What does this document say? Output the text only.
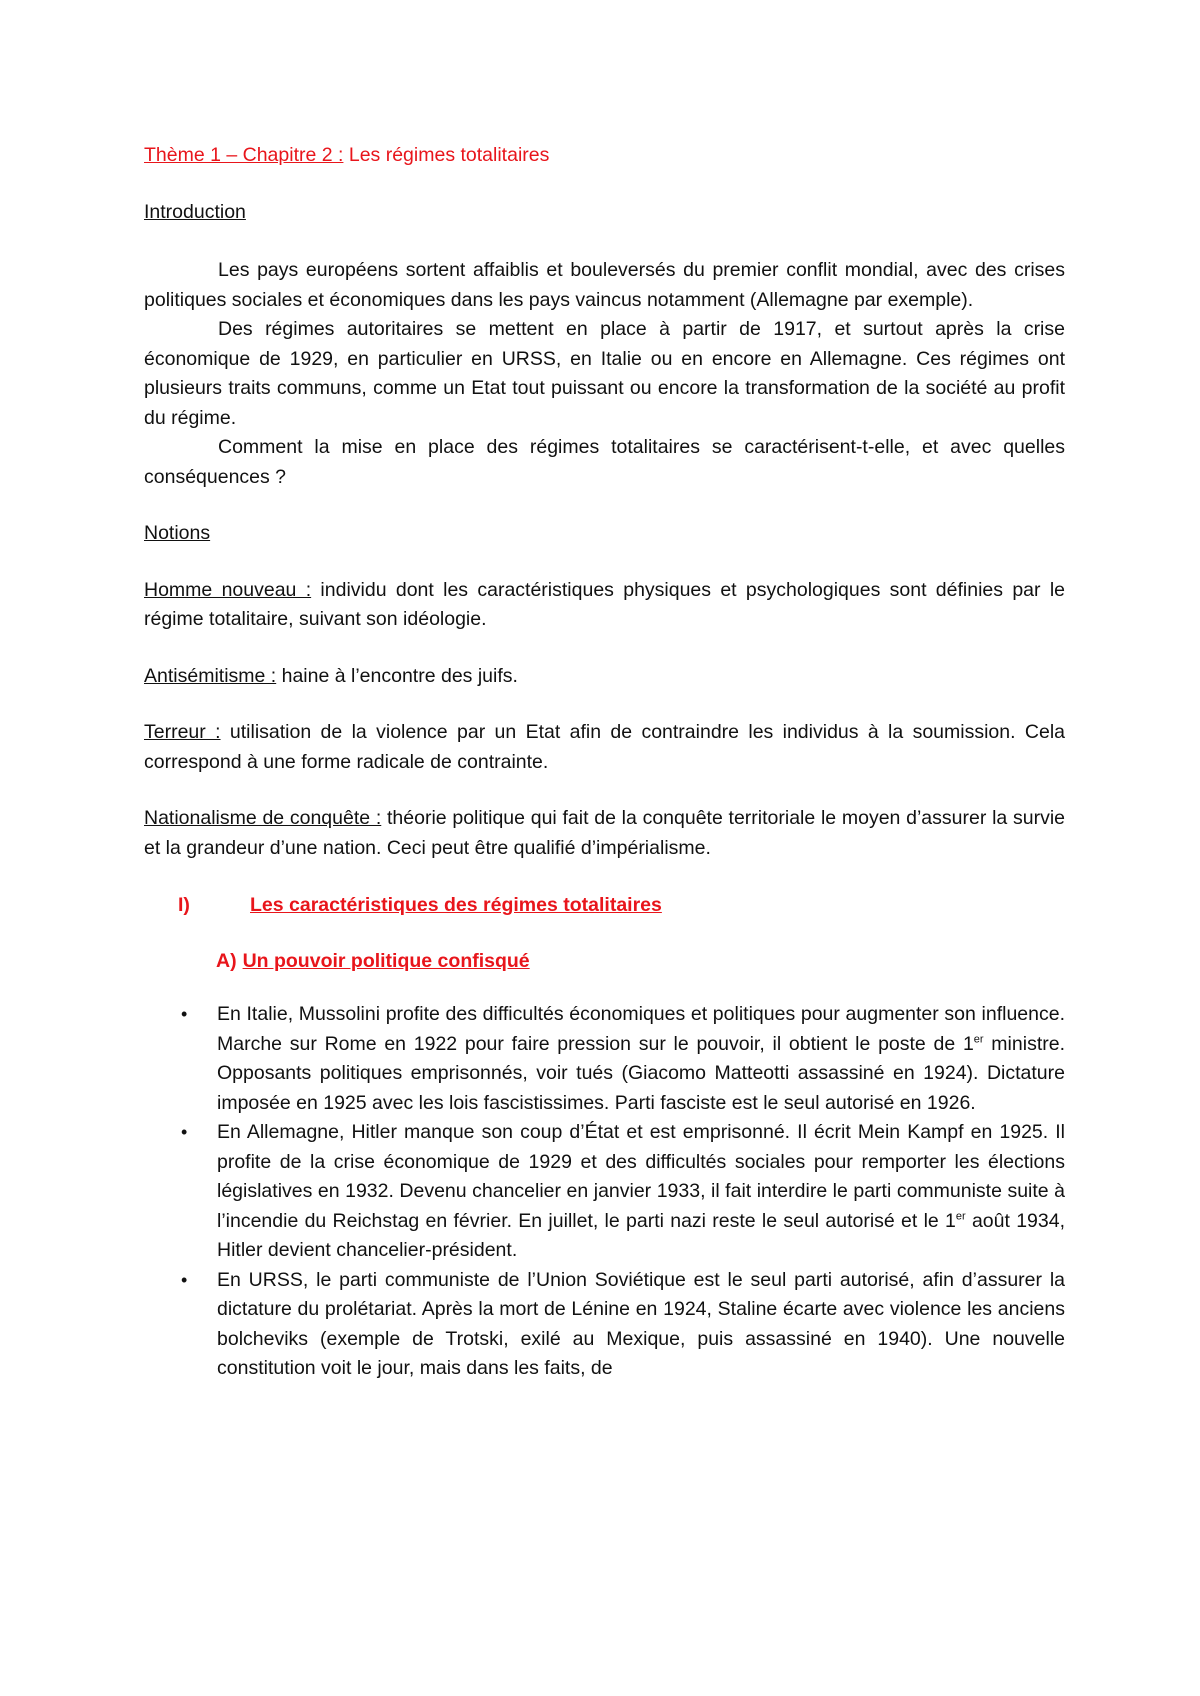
Thème 1 – Chapitre 2 : Les régimes totalitaires

Introduction

Les pays européens sortent affaiblis et bouleversés du premier conflit mondial, avec des crises politiques sociales et économiques dans les pays vaincus notamment (Allemagne par exemple).

Des régimes autoritaires se mettent en place à partir de 1917, et surtout après la crise économique de 1929, en particulier en URSS, en Italie ou en encore en Allemagne. Ces régimes ont plusieurs traits communs, comme un Etat tout puissant ou encore la transformation de la société au profit du régime.

Comment la mise en place des régimes totalitaires se caractérisent-t-elle, et avec quelles conséquences ?

Notions

Homme nouveau : individu dont les caractéristiques physiques et psychologiques sont définies par le régime totalitaire, suivant son idéologie.

Antisémitisme : haine à l’encontre des juifs.

Terreur : utilisation de la violence par un Etat afin de contraindre les individus à la soumission. Cela correspond à une forme radicale de contrainte.

Nationalisme de conquête : théorie politique qui fait de la conquête territoriale le moyen d’assurer la survie et la grandeur d’une nation. Ceci peut être qualifié d’impérialisme.

I)	Les caractéristiques des régimes totalitaires
A) Un pouvoir politique confisqué
• En Italie, Mussolini profite des difficultés économiques et politiques pour augmenter son influence. Marche sur Rome en 1922 pour faire pression sur le pouvoir, il obtient le poste de 1er ministre. Opposants politiques emprisonnés, voir tués (Giacomo Matteotti assassiné en 1924). Dictature imposée en 1925 avec les lois fascistissimes. Parti fasciste est le seul autorisé en 1926.
• En Allemagne, Hitler manque son coup d’État et est emprisonné. Il écrit Mein Kampf en 1925. Il profite de la crise économique de 1929 et des difficultés sociales pour remporter les élections législatives en 1932. Devenu chancelier en janvier 1933, il fait interdire le parti communiste suite à l’incendie du Reichstag en février. En juillet, le parti nazi reste le seul autorisé et le 1er août 1934, Hitler devient chancelier-président.
• En URSS, le parti communiste de l’Union Soviétique est le seul parti autorisé, afin d’assurer la dictature du prolétariat. Après la mort de Lénine en 1924, Staline écarte avec violence les anciens bolcheviks (exemple de Trotski, exilé au Mexique, puis assassiné en 1940). Une nouvelle constitution voit le jour, mais dans les faits, de
